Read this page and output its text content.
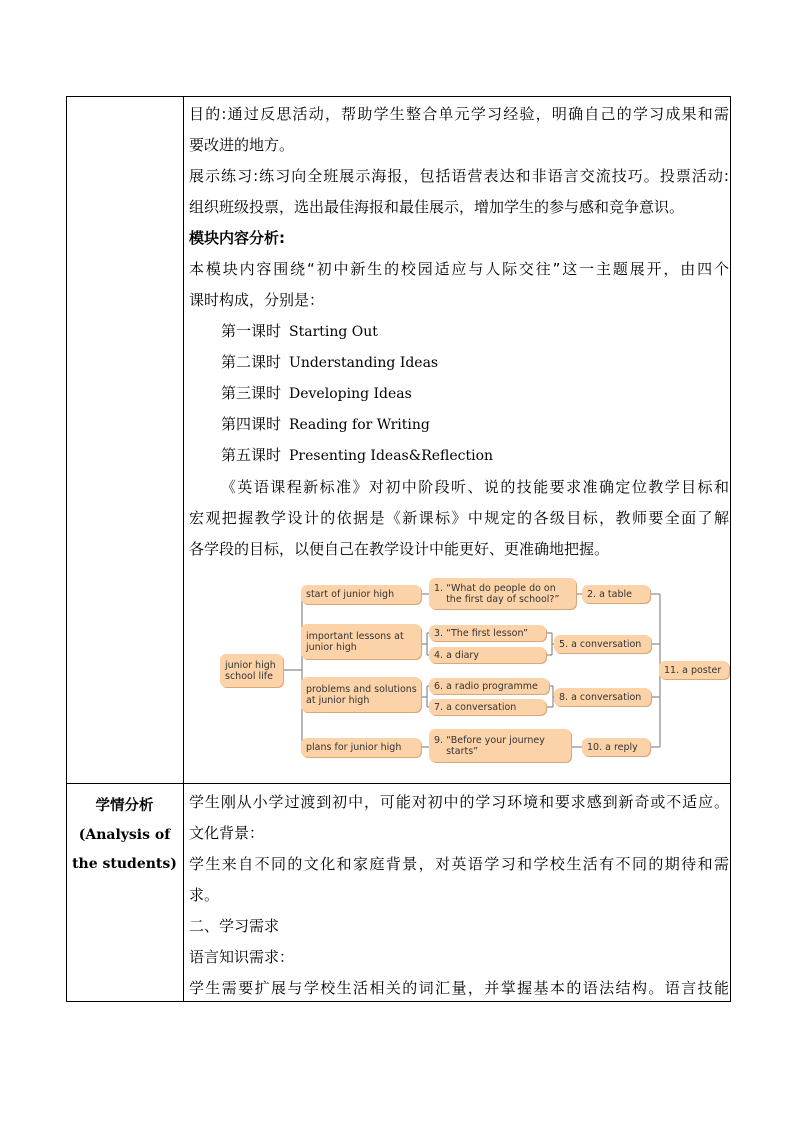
目的:通过反思活动，帮助学生整合单元学习经验，明确自己的学习成果和需
要改进的地方。
展示练习:练习向全班展示海报，包括语营表达和非语言交流技巧。投票活动:
组织班级投票，选出最佳海报和最佳展示，增加学生的参与感和竞争意识。
模块内容分析:
本模块内容围绕“初中新生的校园适应与人际交往”这一主题展开，由四个
课时构成，分别是：
第一课时 Starting Out
第二课时 Understanding Ideas
第三课时 Developing Ideas
第四课时 Reading for Writing
第五课时 Presenting Ideas&Reflection
《英语课程新标准》对初中阶段听、说的技能要求准确定位教学目标和
宏观把握教学设计的依据是《新课标》中规定的各级目标，教师要全面了解
各学段的目标，以便自己在教学设计中能更好、更准确地把握。
junior high
school life
start of junior high
important lessons at
junior high
problems and solutions
at junior high
plans for junior high
1. “What do people do on
the first day of school?”
3. “The first lesson”
4. a diary
6. a radio programme
7. a conversation
9. “Before your journey
starts”
2. a table
5. a conversation
8. a conversation
10. a reply
11. a poster
学情分析
(Analysis of
the students)
学生刚从小学过渡到初中，可能对初中的学习环境和要求感到新奇或不适应。
文化背景：
学生来自不同的文化和家庭背景，对英语学习和学校生活有不同的期待和需
求。
二、学习需求
语言知识需求：
学生需要扩展与学校生活相关的词汇量，并掌握基本的语法结构。语言技能
